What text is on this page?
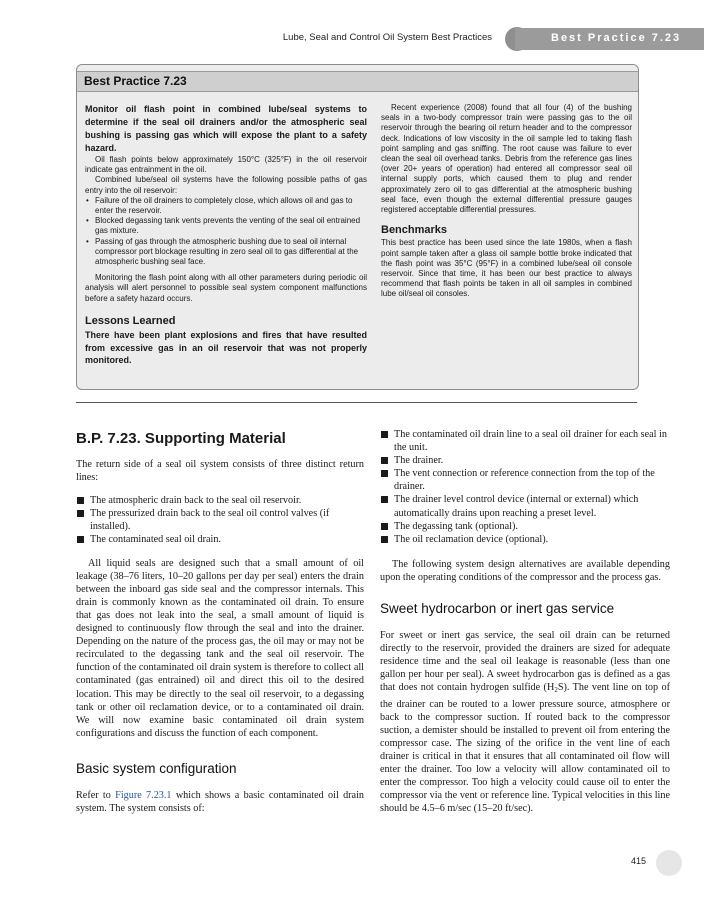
Lube, Seal and Control Oil System Best Practices	Best Practice 7.23
Best Practice 7.23

Monitor oil flash point in combined lube/seal systems to determine if the seal oil drainers and/or the atmospheric seal bushing is passing gas which will expose the plant to a safety hazard.

Oil flash points below approximately 150°C (325°F) in the oil reservoir indicate gas entrainment in the oil.

Combined lube/seal oil systems have the following possible paths of gas entry into the oil reservoir:

• Failure of the oil drainers to completely close, which allows oil and gas to enter the reservoir.
• Blocked degassing tank vents prevents the venting of the seal oil entrained gas mixture.
• Passing of gas through the atmospheric bushing due to seal oil internal compressor port blockage resulting in zero seal oil to gas differential at the atmospheric bushing seal face.

Monitoring the flash point along with all other parameters during periodic oil analysis will alert personnel to possible seal system component malfunctions before a safety hazard occurs.

Lessons Learned

There have been plant explosions and fires that have resulted from excessive gas in an oil reservoir that was not properly monitored.

Recent experience (2008) found that all four (4) of the bushing seals in a two-body compressor train were passing gas to the oil reservoir through the bearing oil return header and to the compressor deck. Indications of low viscosity in the oil sample led to taking flash point sampling and gas sniffing. The root cause was failure to ever clean the seal oil overhead tanks. Debris from the reference gas lines (over 20+ years of operation) had entered all compressor seal oil internal supply ports, which caused them to plug and render approximately zero oil to gas differential at the atmospheric bushing seal face, even though the external differential pressure gauges registered acceptable differential pressures.

Benchmarks

This best practice has been used since the late 1980s, when a flash point sample taken after a glass oil sample bottle broke indicated that the flash point was 35°C (95°F) in a combined lube/seal oil console reservoir. Since that time, it has been our best practice to always recommend that flash points be taken in all oil samples in combined lube oil/seal oil consoles.

B.P. 7.23. Supporting Material

The return side of a seal oil system consists of three distinct return lines:

The atmospheric drain back to the seal oil reservoir.
The pressurized drain back to the seal oil control valves (if installed).
The contaminated seal oil drain.

All liquid seals are designed such that a small amount of oil leakage (38–76 liters, 10–20 gallons per day per seal) enters the drain between the inboard gas side seal and the compressor internals. This drain is commonly known as the contaminated oil drain. To ensure that gas does not leak into the seal, a small amount of liquid is designed to continuously flow through the seal and into the drainer. Depending on the nature of the process gas, the oil may or may not be recirculated to the degassing tank and the seal oil reservoir. The function of the contaminated oil drain system is therefore to collect all contaminated (gas entrained) oil and direct this oil to the desired location. This may be directly to the seal oil reservoir, to a degassing tank or other oil reclamation device, or to a contaminated oil drain. We will now examine basic contaminated oil drain system configurations and discuss the function of each component.

Basic system configuration

Refer to Figure 7.23.1 which shows a basic contaminated oil drain system. The system consists of:

The contaminated oil drain line to a seal oil drainer for each seal in the unit.
The drainer.
The vent connection or reference connection from the top of the drainer.
The drainer level control device (internal or external) which automatically drains upon reaching a preset level.
The degassing tank (optional).
The oil reclamation device (optional).

The following system design alternatives are available depending upon the operating conditions of the compressor and the process gas.

Sweet hydrocarbon or inert gas service

For sweet or inert gas service, the seal oil drain can be returned directly to the reservoir, provided the drainers are sized for adequate residence time and the seal oil leakage is reasonable (less than one gallon per hour per seal). A sweet hydrocarbon gas is defined as a gas that does not contain hydrogen sulfide $(H_2S)$. The vent line on top of the drainer can be routed to a lower pressure source, atmosphere or back to the compressor suction. If routed back to the compressor suction, a demister should be installed to prevent oil from entering the compressor case. The sizing of the orifice in the vent line of each drainer is critical in that it ensures that all contaminated oil flow will enter the drainer. Too low a velocity will allow contaminated oil to enter the compressor. Too high a velocity could cause oil to enter the compressor via the vent or reference line. Typical velocities in this line should be 4.5–6 m/sec (15–20 ft/sec).

415
